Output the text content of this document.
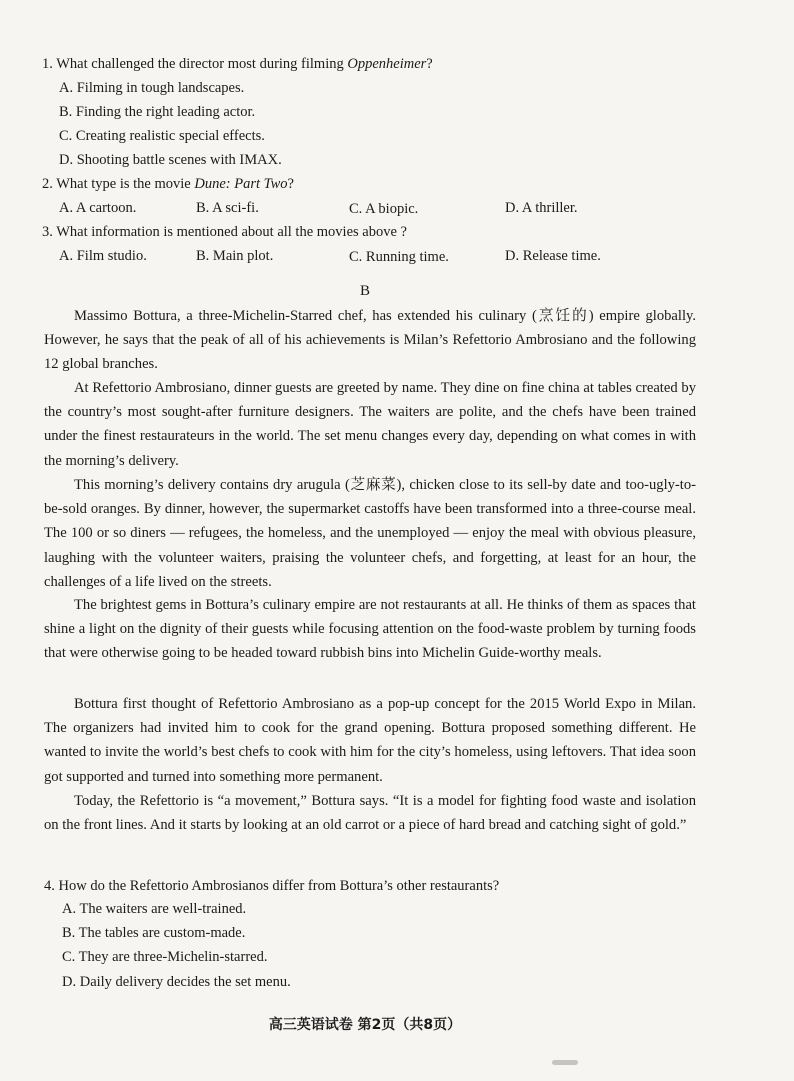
1. What challenged the director most during filming Oppenheimer?
A. Filming in tough landscapes.
B. Finding the right leading actor.
C. Creating realistic special effects.
D. Shooting battle scenes with IMAX.
2. What type is the movie Dune: Part Two?
A. A cartoon.	B. A sci-fi.	C. A biopic.	D. A thriller.
3. What information is mentioned about all the movies above ?
A. Film studio.	B. Main plot.	C. Running time.	D. Release time.
B

Massimo Bottura, a three-Michelin-Starred chef, has extended his culinary (烹饪的) empire globally. However, he says that the peak of all of his achievements is Milan’s Refettorio Ambrosiano and the following 12 global branches.

At Refettorio Ambrosiano, dinner guests are greeted by name. They dine on fine china at tables created by the country’s most sought-after furniture designers. The waiters are polite, and the chefs have been trained under the finest restaurateurs in the world. The set menu changes every day, depending on what comes in with the morning’s delivery.

This morning’s delivery contains dry arugula (芝麻菜), chicken close to its sell-by date and too-ugly-to-be-sold oranges. By dinner, however, the supermarket castoffs have been transformed into a three-course meal. The 100 or so diners — refugees, the homeless, and the unemployed — enjoy the meal with obvious pleasure, laughing with the volunteer waiters, praising the volunteer chefs, and forgetting, at least for an hour, the challenges of a life lived on the streets.

The brightest gems in Bottura’s culinary empire are not restaurants at all. He thinks of them as spaces that shine a light on the dignity of their guests while focusing attention on the food-waste problem by turning foods that were otherwise going to be headed toward rubbish bins into Michelin Guide-worthy meals.

Bottura first thought of Refettorio Ambrosiano as a pop-up concept for the 2015 World Expo in Milan. The organizers had invited him to cook for the grand opening. Bottura proposed something different. He wanted to invite the world’s best chefs to cook with him for the city’s homeless, using leftovers. That idea soon got supported and turned into something more permanent.

Today, the Refettorio is “a movement,” Bottura says. “It is a model for fighting food waste and isolation on the front lines. And it starts by looking at an old carrot or a piece of hard bread and catching sight of gold.”

4. How do the Refettorio Ambrosianos differ from Bottura’s other restaurants?
A. The waiters are well-trained.
B. The tables are custom-made.
C. They are three-Michelin-starred.
D. Daily delivery decides the set menu.
高三英语试卷 第2页（共8页）
